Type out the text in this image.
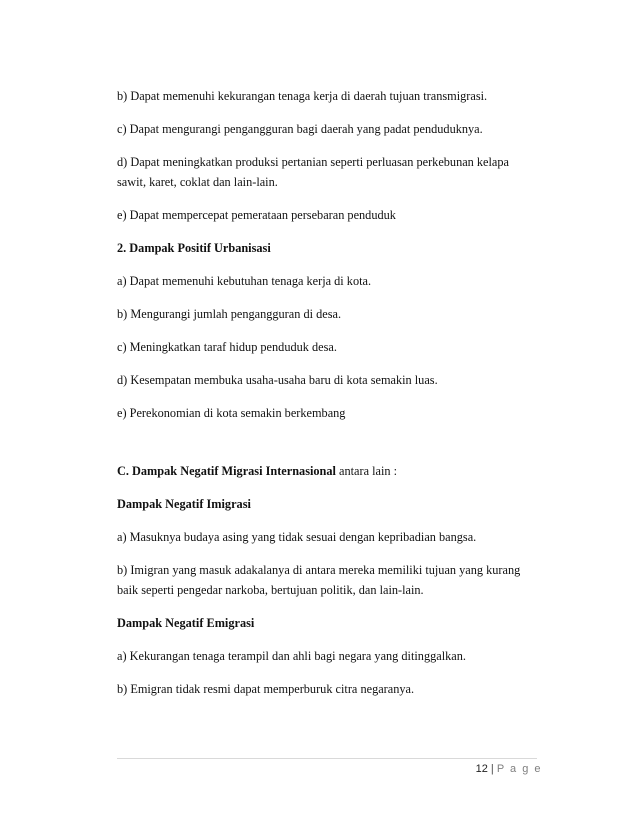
b) Dapat memenuhi kekurangan tenaga kerja di daerah tujuan transmigrasi.
c) Dapat mengurangi pengangguran bagi daerah yang padat penduduknya.
d) Dapat meningkatkan produksi pertanian seperti perluasan perkebunan kelapa
sawit, karet, coklat dan lain-lain.
e) Dapat mempercepat pemerataan persebaran penduduk
2. Dampak Positif Urbanisasi
a) Dapat memenuhi kebutuhan tenaga kerja di kota.
b) Mengurangi jumlah pengangguran di desa.
c) Meningkatkan taraf hidup penduduk desa.
d) Kesempatan membuka usaha-usaha baru di kota semakin luas.
e) Perekonomian di kota semakin berkembang
C. Dampak Negatif Migrasi Internasional antara lain :
Dampak Negatif Imigrasi
a) Masuknya budaya asing yang tidak sesuai dengan kepribadian bangsa.
b) Imigran yang masuk adakalanya di antara mereka memiliki tujuan yang kurang
baik seperti pengedar narkoba, bertujuan politik, dan lain-lain.
Dampak Negatif Emigrasi
a) Kekurangan tenaga terampil dan ahli bagi negara yang ditinggalkan.
b) Emigran tidak resmi dapat memperburuk citra negaranya.
12 | P a g e
